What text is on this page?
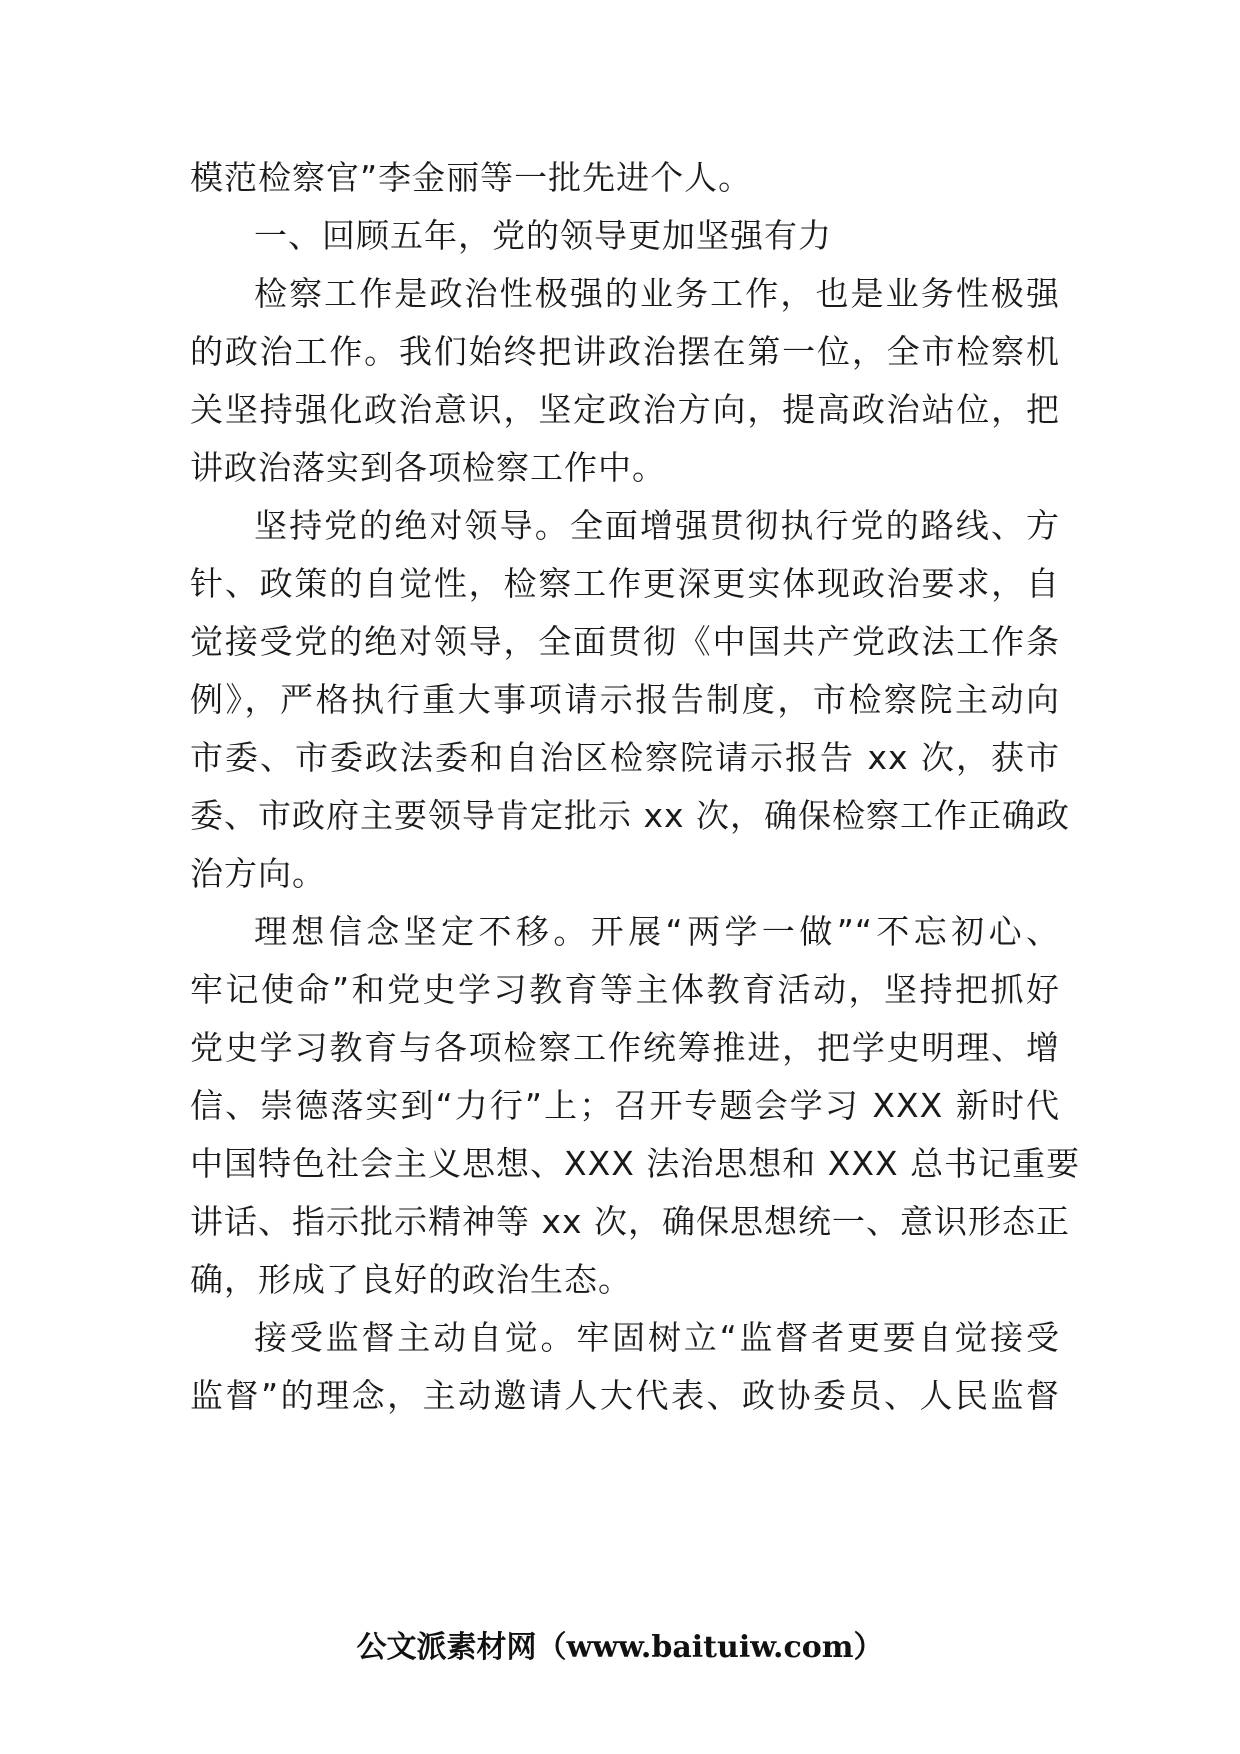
模范检察官”李金丽等一批先进个人。
一、回顾五年，党的领导更加坚强有力
检察工作是政治性极强的业务工作，也是业务性极强
的政治工作。我们始终把讲政治摆在第一位，全市检察机
关坚持强化政治意识，坚定政治方向，提高政治站位，把
讲政治落实到各项检察工作中。
坚持党的绝对领导。全面增强贯彻执行党的路线、方
针、政策的自觉性，检察工作更深更实体现政治要求，自
觉接受党的绝对领导，全面贯彻《中国共产党政法工作条
例》，严格执行重大事项请示报告制度，市检察院主动向
市委、市委政法委和自治区检察院请示报告 xx 次，获市
委、市政府主要领导肯定批示 xx 次，确保检察工作正确政
治方向。
理想信念坚定不移。开展“两学一做”“不忘初心、
牢记使命”和党史学习教育等主体教育活动，坚持把抓好
党史学习教育与各项检察工作统筹推进，把学史明理、增
信、崇德落实到“力行”上；召开专题会学习 XXX 新时代
中国特色社会主义思想、XXX 法治思想和 XXX 总书记重要
讲话、指示批示精神等 xx 次，确保思想统一、意识形态正
确，形成了良好的政治生态。
接受监督主动自觉。牢固树立“监督者更要自觉接受
监督”的理念，主动邀请人大代表、政协委员、人民监督
公文派素材网（www.baituiw.com）
